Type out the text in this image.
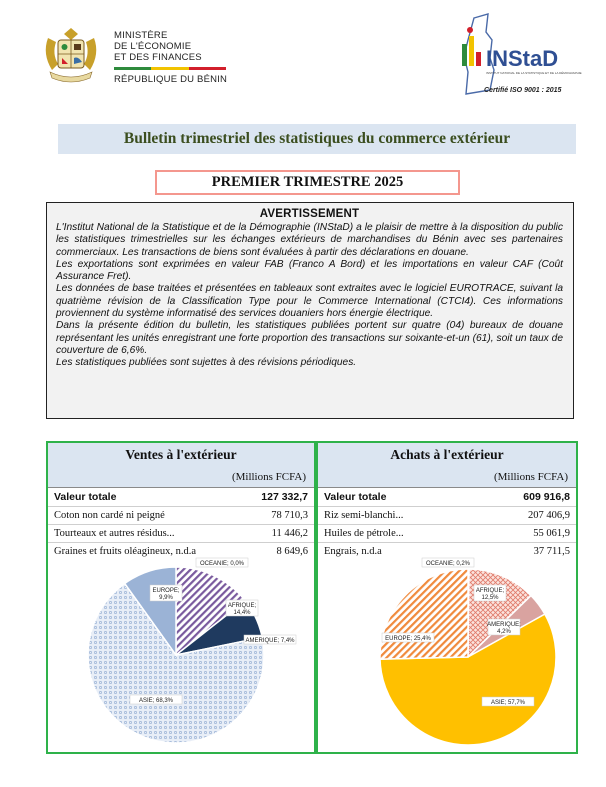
MINISTÈRE
DE L'ÉCONOMIE
ET DES FINANCES
RÉPUBLIQUE DU BÉNIN
INStaD
INSTITUT NATIONAL DE LA STATISTIQUE ET DE LA DÉMOGRAPHIE
Certifié ISO 9001 : 2015
Bulletin trimestriel des statistiques du commerce extérieur
PREMIER TRIMESTRE 2025
AVERTISSEMENT

L'Institut National de la Statistique et de la Démographie (INStaD) a le plaisir de mettre à la disposition du public les statistiques trimestrielles sur les échanges extérieurs de marchandises du Bénin avec ses partenaires commerciaux. Les transactions de biens sont évaluées à partir des déclarations en douane.

Les exportations sont exprimées en valeur FAB (Franco A Bord) et les importations en valeur CAF (Coût Assurance Fret).

Les données de base traitées et présentées en tableaux sont extraites avec le logiciel EUROTRACE, suivant la quatrième révision de la Classification Type pour le Commerce International (CTCI4). Ces informations proviennent du système informatisé des services douaniers hors énergie électrique.

Dans la présente édition du bulletin, les statistiques publiées portent sur quatre (04) bureaux de douane représentant les unités enregistrant une forte proportion des transactions sur soixante-et-un (61), soit un taux de couverture de 6,6%.

Les statistiques publiées sont sujettes à des révisions périodiques.

Ventes à l'extérieur
(Millions FCFA)
Valeur totale	127 332,7
Coton non cardé ni peigné	78 710,3
Tourteaux et autres résidus...	11 446,2
Graines et fruits oléagineux, n.d.a	8 649,6
OCEANIE; 0,0%
AFRIQUE; 14,4%
AMERIQUE; 7,4%
ASIE; 68,3%
EUROPE; 9,9%
Achats à l'extérieur
(Millions FCFA)
Valeur totale	609 916,8
Riz semi-blanchi...	207 406,9
Huiles de pétrole...	55 061,9
Engrais, n.d.a	37 711,5
OCEANIE; 0,2%
AFRIQUE; 12,5%
AMERIQUE; 4,2%
ASIE; 57,7%
EUROPE; 25,4%
